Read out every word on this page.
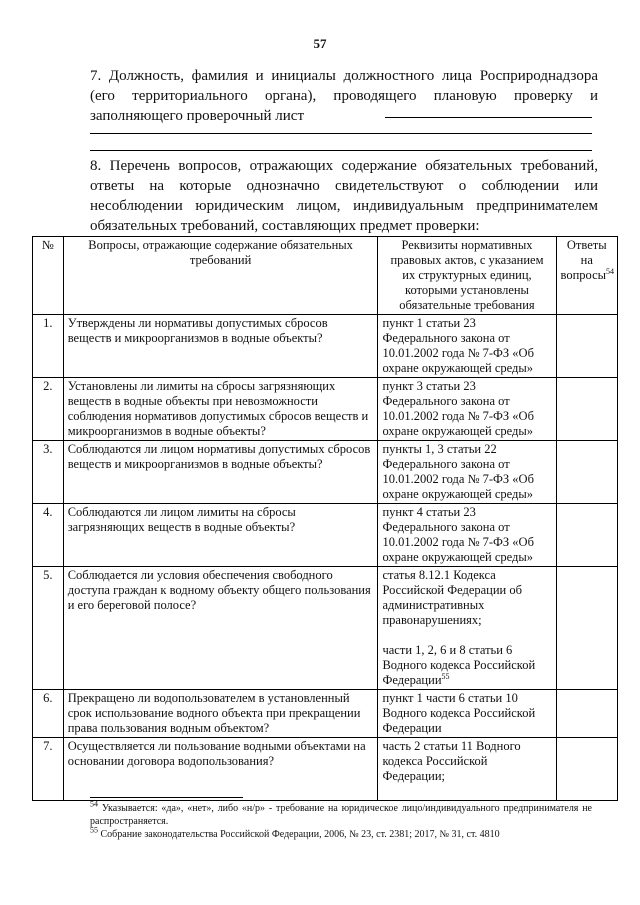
57
7. Должность, фамилия и инициалы должностного лица Росприроднадзора (его территориального органа), проводящего плановую проверку и заполняющего проверочный лист
8. Перечень вопросов, отражающих содержание обязательных требований, ответы на которые однозначно свидетельствуют о соблюдении или несоблюдении юридическим лицом, индивидуальным предпринимателем обязательных требований, составляющих предмет проверки:
№	Вопросы, отражающие содержание обязательных требований	Реквизиты нормативных правовых актов, с указанием их структурных единиц, которыми установлены обязательные требования	Ответы на вопросы$^{54}$
1.	Утверждены ли нормативы допустимых сбросов веществ и микроорганизмов в водные объекты?	пункт 1 статьи 23 Федерального закона от 10.01.2002 года № 7-ФЗ «Об охране окружающей среды»	
2.	Установлены ли лимиты на сбросы загрязняющих веществ в водные объекты при невозможности соблюдения нормативов допустимых сбросов веществ и микроорганизмов в водные объекты?	пункт 3 статьи 23 Федерального закона от 10.01.2002 года № 7-ФЗ «Об охране окружающей среды»	
3.	Соблюдаются ли лицом нормативы допустимых сбросов веществ и микроорганизмов в водные объекты?	пункты 1, 3 статьи 22 Федерального закона от 10.01.2002 года № 7-ФЗ «Об охране окружающей среды»	
4.	Соблюдаются ли лицом лимиты на сбросы загрязняющих веществ в водные объекты?	пункт 4 статьи 23 Федерального закона от 10.01.2002 года № 7-ФЗ «Об охране окружающей среды»	
5.	Соблюдается ли условия обеспечения свободного доступа граждан к водному объекту общего пользования и его береговой полосе?	статья 8.12.1 Кодекса Российской Федерации об административных правонарушениях;
части 1, 2, 6 и 8 статьи 6 Водного кодекса Российской Федерации$^{55}$

6.	Прекращено ли водопользователем в установленный срок использование водного объекта при прекращении права пользования водным объектом?	пункт 1 части 6 статьи 10 Водного кодекса Российской Федерации	
7.	Осуществляется ли пользование водными объектами на основании договора водопользования?	часть 2 статьи 11 Водного кодекса Российской Федерации;	
$^{54}$ Указывается: «да», «нет», либо «н/р» - требование на юридическое лицо/индивидуального предпринимателя не распространяется.
$^{55}$ Собрание законодательства Российской Федерации, 2006, № 23, ст. 2381; 2017, № 31, ст. 4810
